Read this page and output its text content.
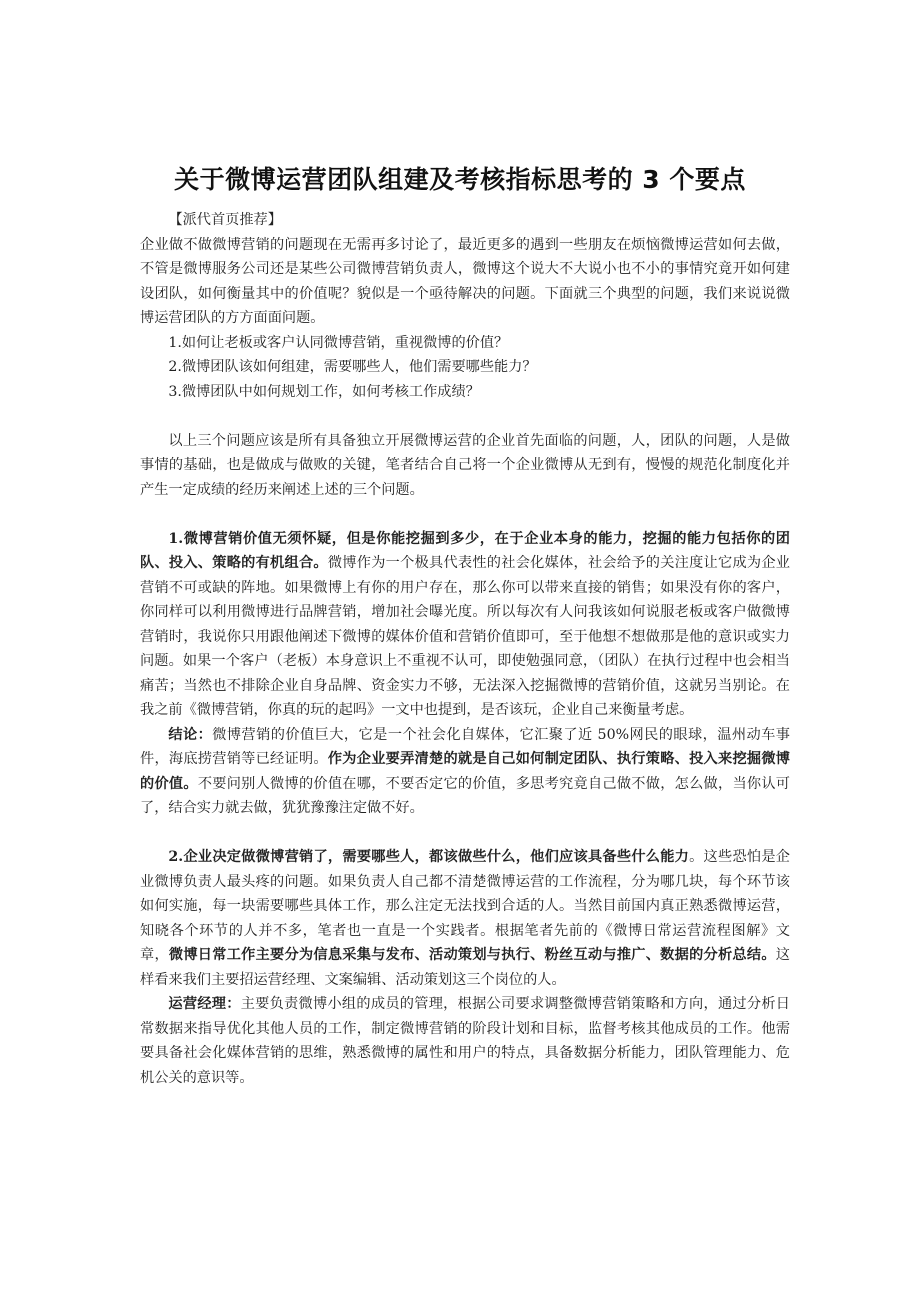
关于微博运营团队组建及考核指标思考的 3 个要点

【派代首页推荐】

企业做不做微博营销的问题现在无需再多讨论了，最近更多的遇到一些朋友在烦恼微博运营如何去做，不管是微博服务公司还是某些公司微博营销负责人，微博这个说大不大说小也不小的事情究竟开如何建设团队，如何衡量其中的价值呢？貌似是一个亟待解决的问题。下面就三个典型的问题，我们来说说微博运营团队的方方面面问题。

1.如何让老板或客户认同微博营销，重视微博的价值？

2.微博团队该如何组建，需要哪些人，他们需要哪些能力？

3.微博团队中如何规划工作，如何考核工作成绩？

以上三个问题应该是所有具备独立开展微博运营的企业首先面临的问题，人，团队的问题，人是做事情的基础，也是做成与做败的关键，笔者结合自己将一个企业微博从无到有，慢慢的规范化制度化并产生一定成绩的经历来阐述上述的三个问题。

1.微博营销价值无须怀疑，但是你能挖掘到多少，在于企业本身的能力，挖掘的能力包括你的团队、投入、策略的有机组合。微博作为一个极具代表性的社会化媒体，社会给予的关注度让它成为企业营销不可或缺的阵地。如果微博上有你的用户存在，那么你可以带来直接的销售；如果没有你的客户，你同样可以利用微博进行品牌营销，增加社会曝光度。所以每次有人问我该如何说服老板或客户做微博营销时，我说你只用跟他阐述下微博的媒体价值和营销价值即可，至于他想不想做那是他的意识或实力问题。如果一个客户（老板）本身意识上不重视不认可，即使勉强同意，（团队）在执行过程中也会相当痛苦；当然也不排除企业自身品牌、资金实力不够，无法深入挖掘微博的营销价值，这就另当别论。在我之前《微博营销，你真的玩的起吗》一文中也提到，是否该玩，企业自己来衡量考虑。

结论：微博营销的价值巨大，它是一个社会化自媒体，它汇聚了近 50%网民的眼球，温州动车事件，海底捞营销等已经证明。作为企业要弄清楚的就是自己如何制定团队、执行策略、投入来挖掘微博的价值。不要问别人微博的价值在哪，不要否定它的价值，多思考究竟自己做不做，怎么做，当你认可了，结合实力就去做，犹犹豫豫注定做不好。

2.企业决定做微博营销了，需要哪些人，都该做些什么，他们应该具备些什么能力。这些恐怕是企业微博负责人最头疼的问题。如果负责人自己都不清楚微博运营的工作流程，分为哪几块，每个环节该如何实施，每一块需要哪些具体工作，那么注定无法找到合适的人。当然目前国内真正熟悉微博运营，知晓各个环节的人并不多，笔者也一直是一个实践者。根据笔者先前的《微博日常运营流程图解》文章，微博日常工作主要分为信息采集与发布、活动策划与执行、粉丝互动与推广、数据的分析总结。这样看来我们主要招运营经理、文案编辑、活动策划这三个岗位的人。

运营经理：主要负责微博小组的成员的管理，根据公司要求调整微博营销策略和方向，通过分析日常数据来指导优化其他人员的工作，制定微博营销的阶段计划和目标，监督考核其他成员的工作。他需要具备社会化媒体营销的思维，熟悉微博的属性和用户的特点，具备数据分析能力，团队管理能力、危机公关的意识等。
